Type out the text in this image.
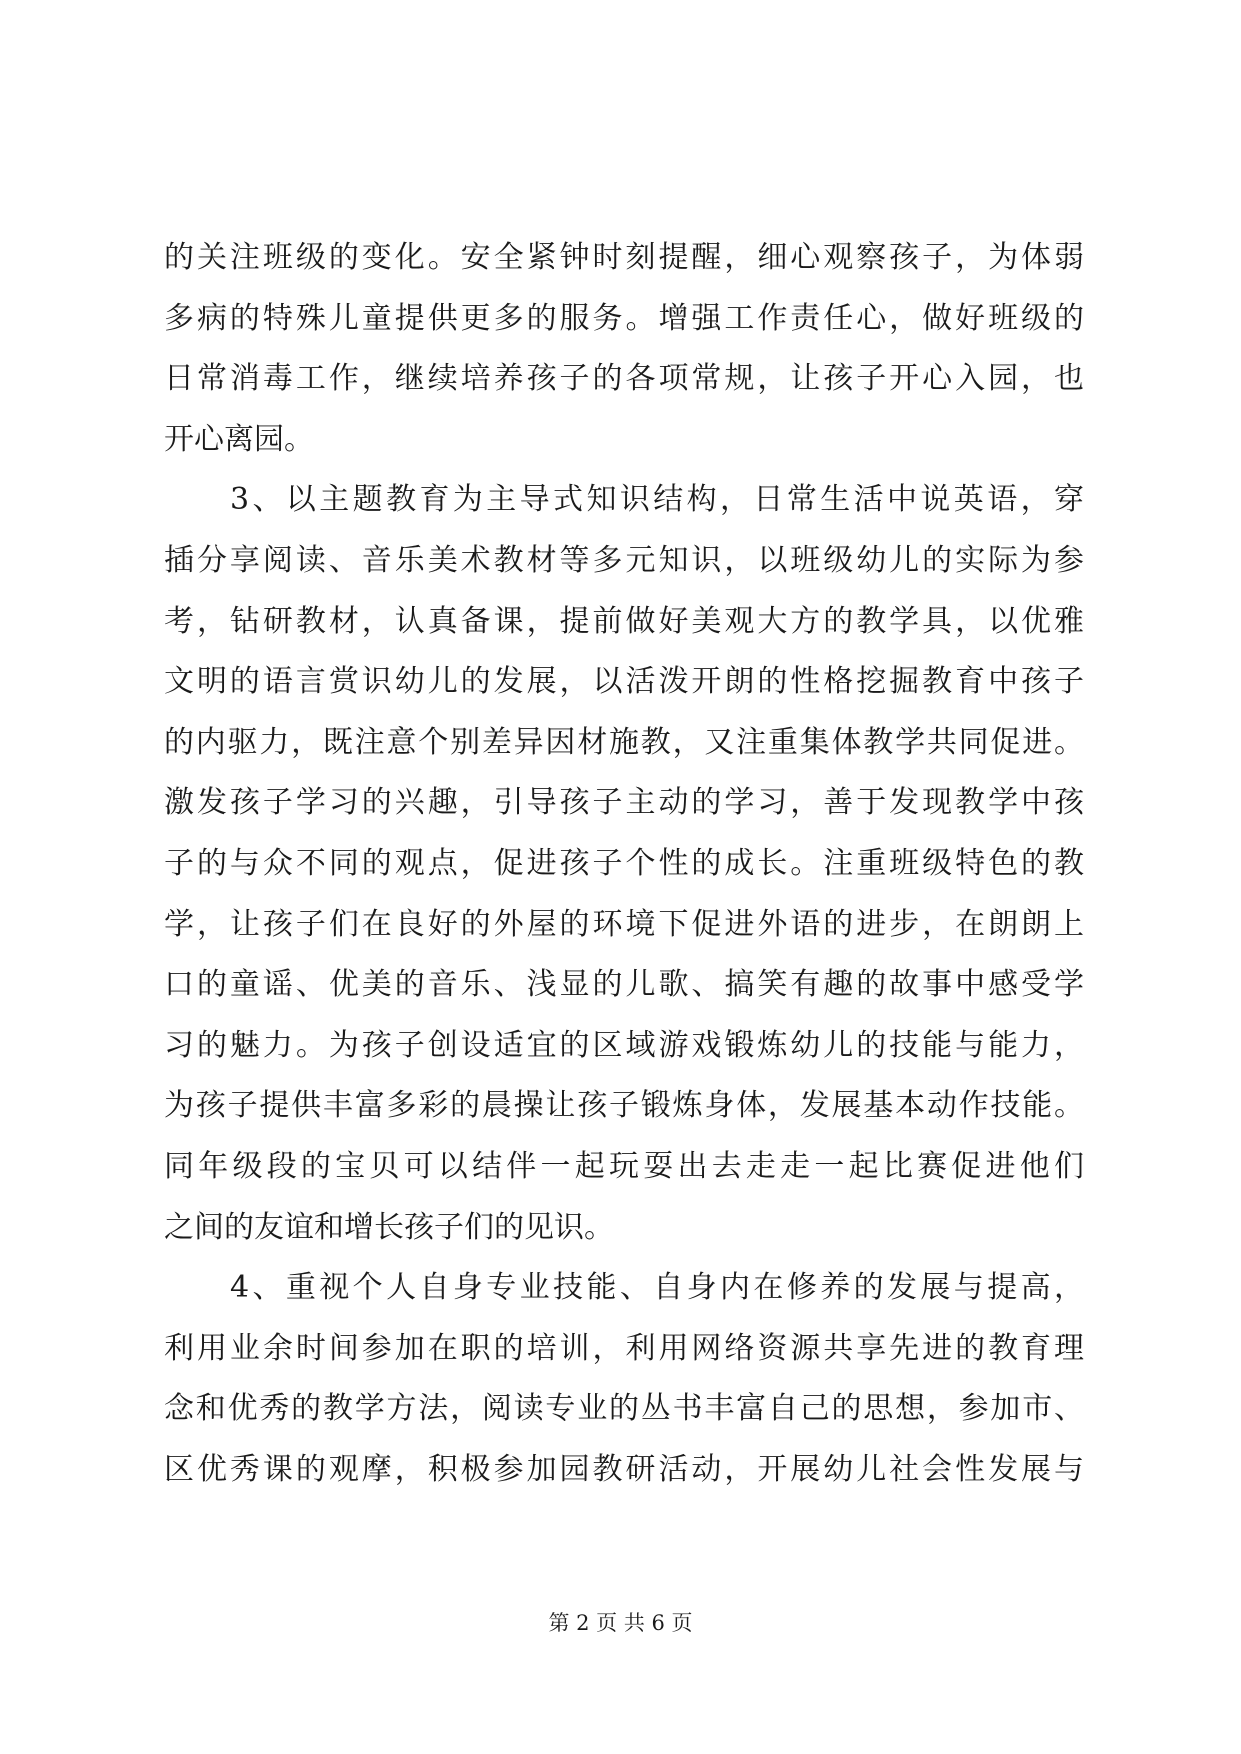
的关注班级的变化。安全紧钟时刻提醒，细心观察孩子，为体弱
多病的特殊儿童提供更多的服务。增强工作责任心，做好班级的
日常消毒工作，继续培养孩子的各项常规，让孩子开心入园，也
开心离园。
3、以主题教育为主导式知识结构，日常生活中说英语，穿
插分享阅读、音乐美术教材等多元知识，以班级幼儿的实际为参
考，钻研教材，认真备课，提前做好美观大方的教学具，以优雅
文明的语言赏识幼儿的发展，以活泼开朗的性格挖掘教育中孩子
的内驱力，既注意个别差异因材施教，又注重集体教学共同促进。
激发孩子学习的兴趣，引导孩子主动的学习，善于发现教学中孩
子的与众不同的观点，促进孩子个性的成长。注重班级特色的教
学，让孩子们在良好的外屋的环境下促进外语的进步，在朗朗上
口的童谣、优美的音乐、浅显的儿歌、搞笑有趣的故事中感受学
习的魅力。为孩子创设适宜的区域游戏锻炼幼儿的技能与能力，
为孩子提供丰富多彩的晨操让孩子锻炼身体，发展基本动作技能。
同年级段的宝贝可以结伴一起玩耍出去走走一起比赛促进他们
之间的友谊和增长孩子们的见识。
4、重视个人自身专业技能、自身内在修养的发展与提高，
利用业余时间参加在职的培训，利用网络资源共享先进的教育理
念和优秀的教学方法，阅读专业的丛书丰富自己的思想，参加市、
区优秀课的观摩，积极参加园教研活动，开展幼儿社会性发展与
第 2 页 共 6 页
